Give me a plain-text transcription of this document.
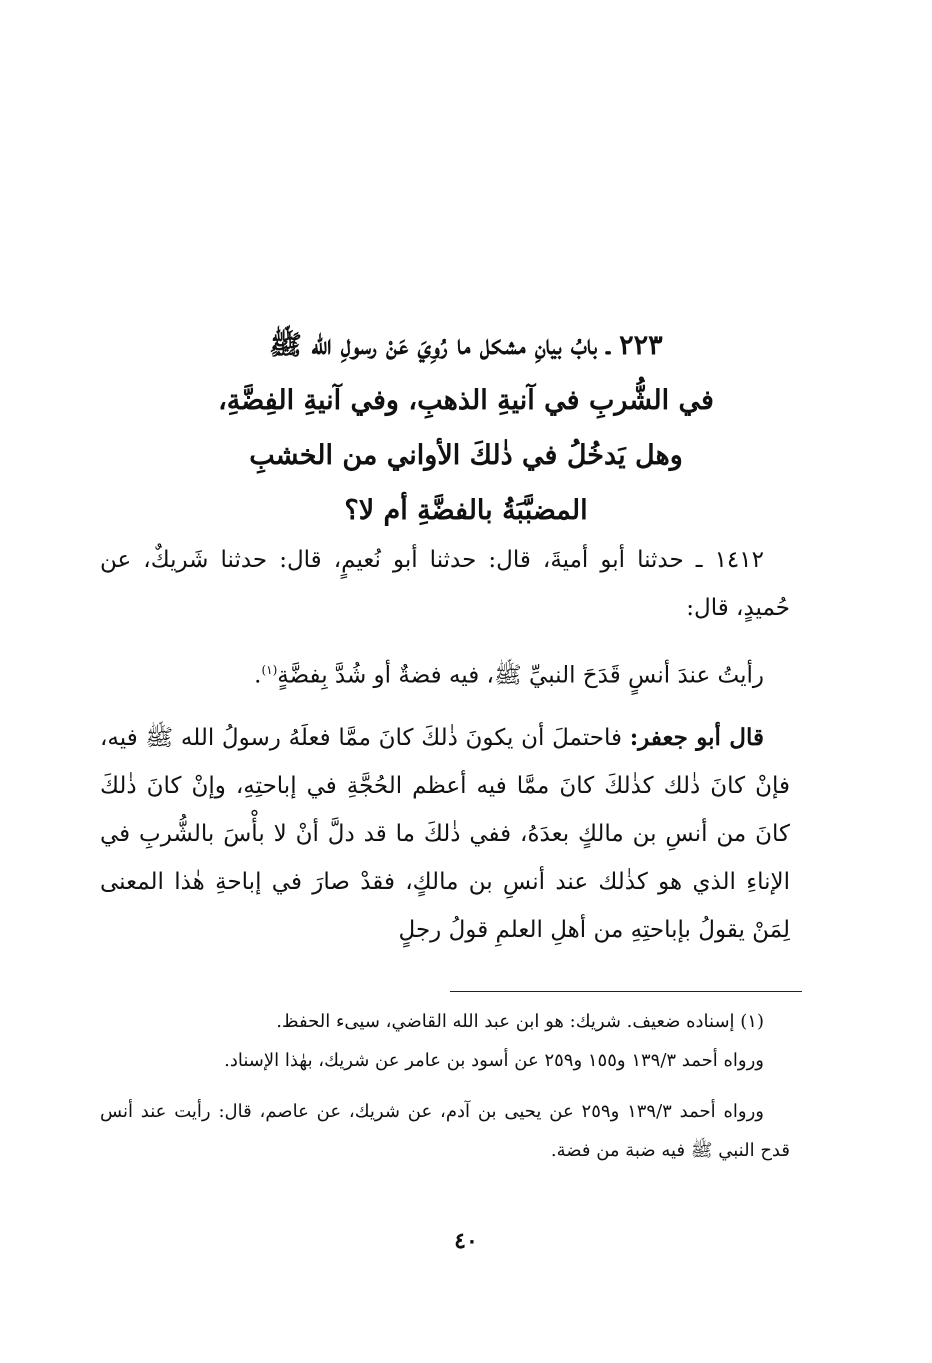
٢٢٣ ـ بابُ بيانِ مشكل ما رُوِيَ عَنْ رسولِ الله ﷺ
في الشُّربِ في آنيةِ الذهبِ، وفي آنيةِ الفِضَّةِ،
وهل يَدخُلُ في ذٰلكَ الأواني من الخشبِ
المضبَّبَةُ بالفضَّةِ أم لا؟

١٤١٢ ـ حدثنا أبو أميةَ، قال: حدثنا أبو نُعيمٍ، قال: حدثنا شَريكٌ، عن حُميدٍ، قال:

رأيتُ عندَ أنسٍ قَدَحَ النبيِّ ﷺ، فيه فضةٌ أو شُدَّ بِفضَّةٍ$^{(١)}$.

قال أبو جعفر: فاحتملَ أن يكونَ ذٰلكَ كانَ ممَّا فعلَهُ رسولُ الله ﷺ فيه، فإنْ كانَ ذٰلك كذٰلكَ كانَ ممَّا فيه أعظم الحُجَّةِ في إباحتِهِ، وإنْ كانَ ذٰلكَ كانَ من أنسِ بن مالكٍ بعدَهُ، ففي ذٰلكَ ما قد دلَّ أنْ لا بأْسَ بالشُّربِ في الإناءِ الذي هو كذٰلك عند أنسِ بن مالكٍ، فقدْ صارَ في إباحةِ هٰذا المعنى لِمَنْ يقولُ بإباحتِهِ من أهلِ العلمِ قولُ رجلٍ

(١) إسناده ضعيف. شريك: هو ابن عبد الله القاضي، سيىء الحفظ.

ورواه أحمد ١٣٩/٣ و١٥٥ و٢٥٩ عن أسود بن عامر عن شريك، بهٰذا الإسناد.

ورواه أحمد ١٣٩/٣ و٢٥٩ عن يحيى بن آدم، عن شريك، عن عاصم، قال: رأيت عند أنس قدح النبي ﷺ فيه ضبة من فضة.

٤٠
